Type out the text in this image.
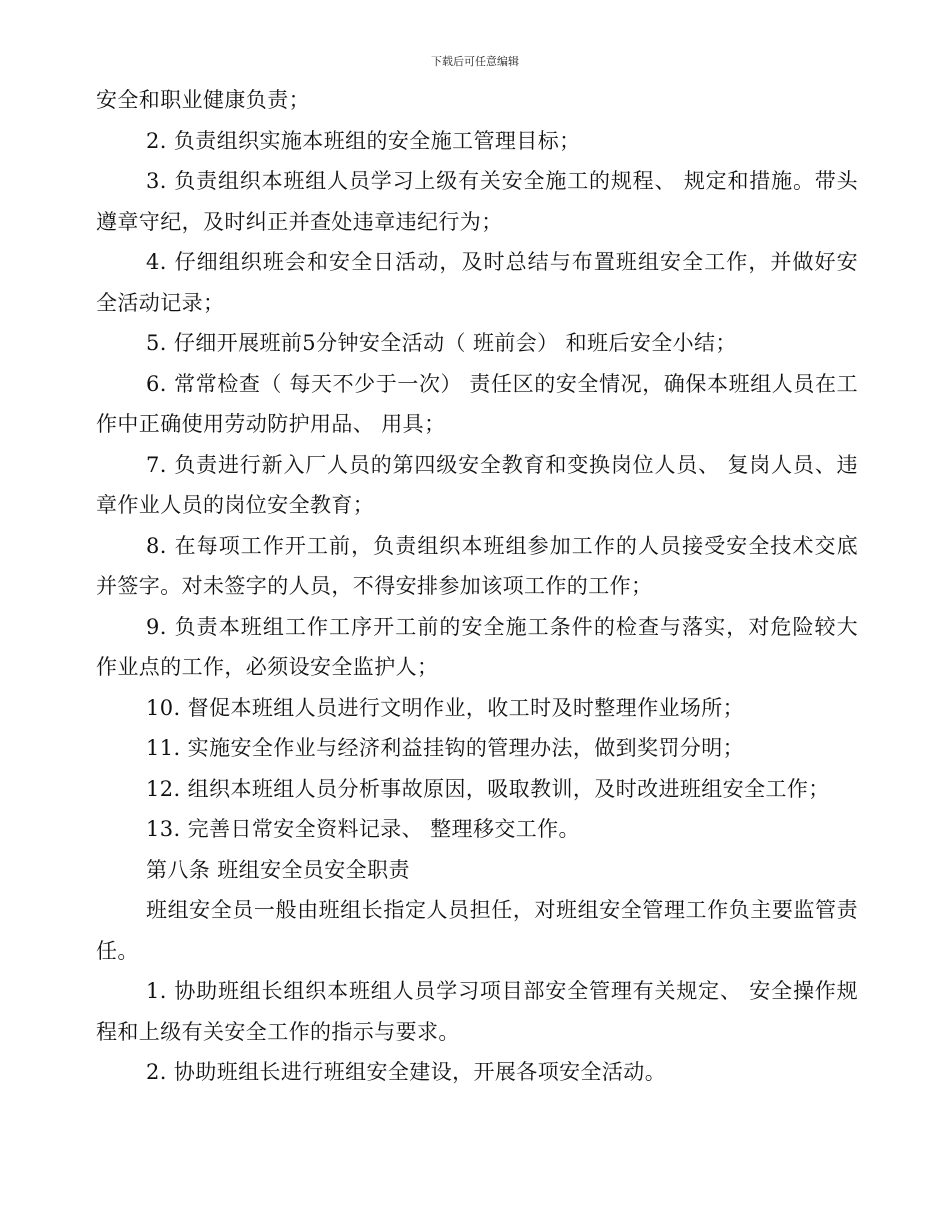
下载后可任意编辑

安全和职业健康负责；

2. 负责组织实施本班组的安全施工管理目标；

3. 负责组织本班组人员学习上级有关安全施工的规程、 规定和措施。带头遵章守纪，及时纠正并查处违章违纪行为；

4. 仔细组织班会和安全日活动，及时总结与布置班组安全工作，并做好安全活动记录；

5. 仔细开展班前5分钟安全活动（ 班前会） 和班后安全小结；

6. 常常检查（ 每天不少于一次） 责任区的安全情况，确保本班组人员在工作中正确使用劳动防护用品、 用具；

7. 负责进行新入厂人员的第四级安全教育和变换岗位人员、 复岗人员、违章作业人员的岗位安全教育；

8. 在每项工作开工前，负责组织本班组参加工作的人员接受安全技术交底并签字。对未签字的人员，不得安排参加该项工作的工作；

9. 负责本班组工作工序开工前的安全施工条件的检查与落实，对危险较大作业点的工作，必须设安全监护人；

10. 督促本班组人员进行文明作业，收工时及时整理作业场所；

11. 实施安全作业与经济利益挂钩的管理办法，做到奖罚分明；

12. 组织本班组人员分析事故原因，吸取教训，及时改进班组安全工作；

13. 完善日常安全资料记录、 整理移交工作。

第八条 班组安全员安全职责

班组安全员一般由班组长指定人员担任，对班组安全管理工作负主要监管责任。

1. 协助班组长组织本班组人员学习项目部安全管理有关规定、 安全操作规程和上级有关安全工作的指示与要求。

2. 协助班组长进行班组安全建设，开展各项安全活动。
